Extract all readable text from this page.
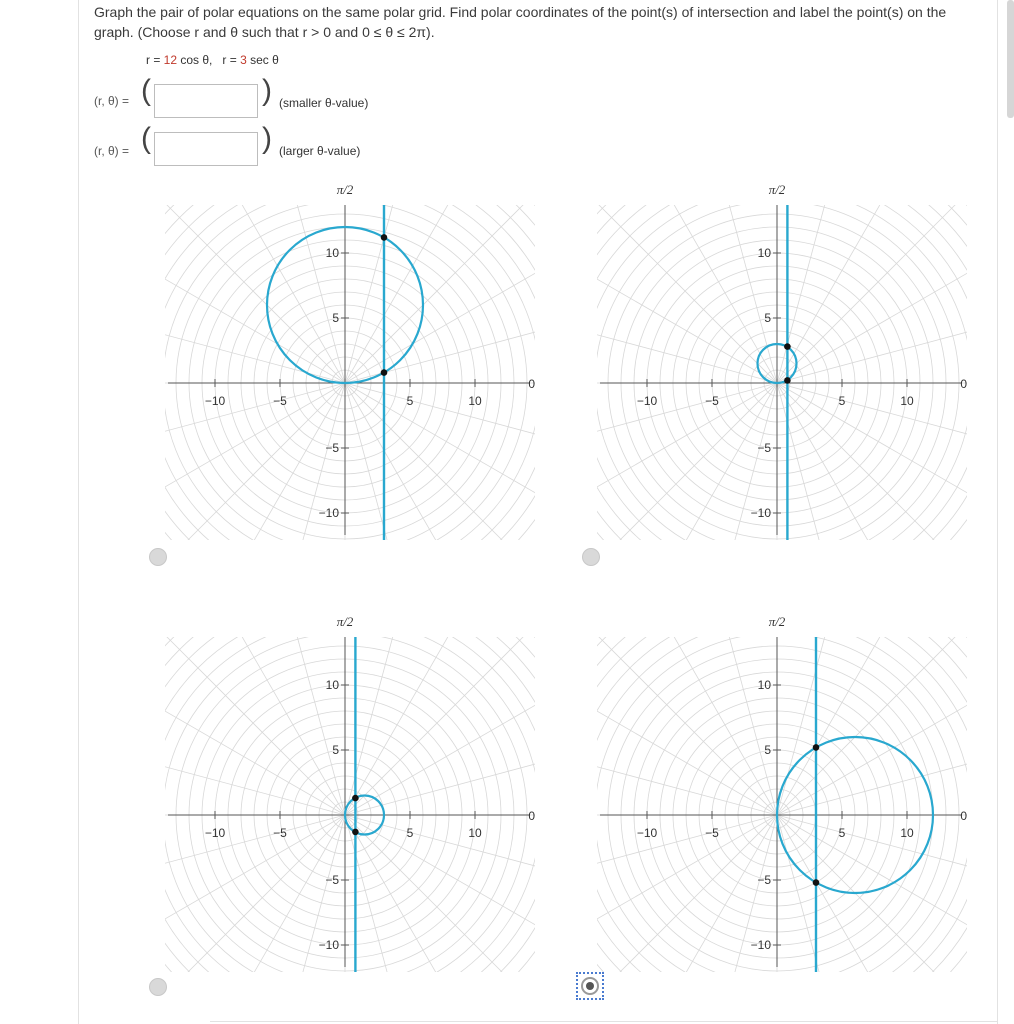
Graph the pair of polar equations on the same polar grid. Find polar coordinates of the point(s) of intersection and label the point(s) on the graph. (Choose r and θ such that r > 0 and 0 ≤ θ ≤ 2π).
r = 12 cos θ, r = 3 sec θ
(r, θ) = (	) (smaller θ-value)
(r, θ) = (	) (larger θ-value)
−10	−5	5	10
10
5
−5
−10
π/2
0
−10	−5	5	10
10
5
−5
−10
π/2
0
−10	−5	5	10
10
5
−5
−10
π/2
0
−10	−5	5	10
10
5
−5
−10
π/2
0
